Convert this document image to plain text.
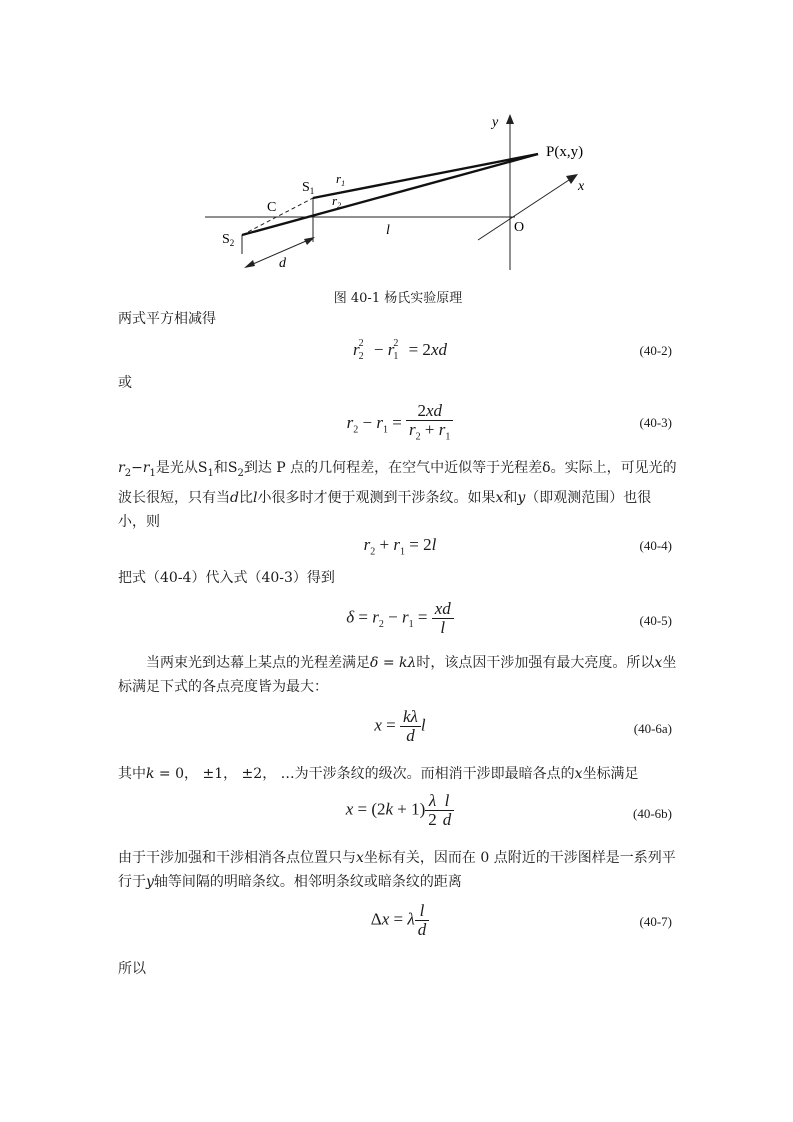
y
x
P(x,y)
$S_1$
$S_2$
$r_1$
$r_2$
C
l	O
d
图 40-1 杨氏实验原理
两式平方相减得
$r_2^2 - r_1^2 = 2xd$	(40-2)
或
$r_2 - r_1 = \frac{2xd}{r_2 + r_1}$	(40-3)
$r_2-r_1$是光从$S_1$和$S_2$到达 P 点的几何程差，在空气中近似等于光程差δ。实际上，可见光的波长很短，只有当d比l小很多时才便于观测到干涉条纹。如果x和y（即观测范围）也很小，则
$r_2 + r_1 = 2l$	(40-4)
把式（40-4）代入式（40-3）得到
$\delta = r_2 - r_1 = \frac{xd}{l}$	(40-5)
当两束光到达幕上某点的光程差满足δ = kλ时，该点因干涉加强有最大亮度。所以x坐标满足下式的各点亮度皆为最大：
$x = \frac{k\lambda}{d}$ l	(40-6a)
其中k = 0， ±1， ±2， …为干涉条纹的级次。而相消干涉即最暗各点的x坐标满足
$x = (2k + 1) \frac{\lambda}{2} \frac{l}{d}$	(40-6b)
由于干涉加强和干涉相消各点位置只与x坐标有关，因而在 0 点附近的干涉图样是一系列平行于y轴等间隔的明暗条纹。相邻明条纹或暗条纹的距离
Δx = λ $\frac{l}{d}$	(40-7)
所以
